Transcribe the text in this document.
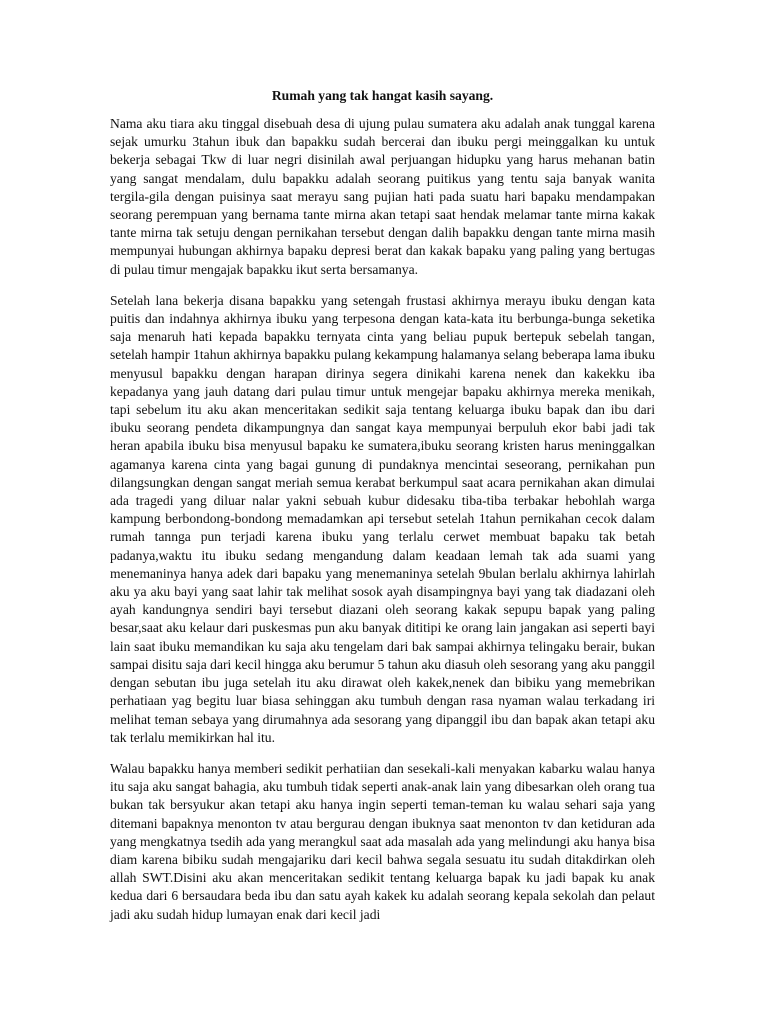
Rumah yang tak hangat kasih sayang.

Nama aku tiara aku tinggal disebuah desa di ujung pulau sumatera aku adalah anak tunggal karena sejak umurku 3tahun ibuk dan bapakku sudah bercerai dan ibuku pergi meinggalkan ku untuk bekerja sebagai Tkw di luar negri disinilah awal perjuangan hidupku yang harus mehanan batin yang sangat mendalam, dulu bapakku adalah seorang puitikus yang tentu saja banyak wanita tergila-gila dengan puisinya saat merayu sang pujian hati pada suatu hari bapaku mendampakan seorang perempuan yang bernama tante mirna akan tetapi saat hendak melamar tante mirna kakak tante mirna tak setuju dengan pernikahan tersebut dengan dalih bapakku dengan tante mirna masih mempunyai hubungan akhirnya bapaku depresi berat dan kakak bapaku yang paling yang bertugas di pulau timur mengajak bapakku ikut serta bersamanya.

Setelah lana bekerja disana bapakku yang setengah frustasi akhirnya merayu ibuku dengan kata puitis dan indahnya akhirnya ibuku yang terpesona dengan kata-kata itu berbunga-bunga seketika saja menaruh hati kepada bapakku ternyata cinta yang beliau pupuk bertepuk sebelah tangan, setelah hampir 1tahun akhirnya bapakku pulang kekampung halamanya selang beberapa lama ibuku menyusul bapakku dengan harapan dirinya segera dinikahi karena nenek dan kakekku iba kepadanya yang jauh datang dari pulau timur untuk mengejar bapaku akhirnya mereka menikah, tapi sebelum itu aku akan menceritakan sedikit saja tentang keluarga ibuku bapak dan ibu dari ibuku seorang pendeta dikampungnya dan sangat kaya mempunyai berpuluh ekor babi jadi tak heran apabila ibuku bisa menyusul bapaku ke sumatera,ibuku seorang kristen harus meninggalkan agamanya karena cinta yang bagai gunung di pundaknya mencintai seseorang, pernikahan pun dilangsungkan dengan sangat meriah semua kerabat berkumpul saat acara pernikahan akan dimulai ada tragedi yang diluar nalar yakni sebuah kubur didesaku tiba-tiba terbakar hebohlah warga kampung berbondong-bondong memadamkan api tersebut setelah 1tahun pernikahan cecok dalam rumah tannga pun terjadi karena ibuku yang terlalu cerwet membuat bapaku tak betah padanya,waktu itu ibuku sedang mengandung dalam keadaan lemah tak ada suami yang menemaninya hanya adek dari bapaku yang menemaninya setelah 9bulan berlalu akhirnya lahirlah aku ya aku bayi yang saat lahir tak melihat sosok ayah disampingnya bayi yang tak diadazani oleh ayah kandungnya sendiri bayi tersebut diazani oleh seorang kakak sepupu bapak yang paling besar,saat aku kelaur dari puskesmas pun aku banyak dititipi ke orang lain jangakan asi seperti bayi lain saat ibuku memandikan ku saja aku tengelam dari bak sampai akhirnya telingaku berair, bukan sampai disitu saja dari kecil hingga aku berumur 5 tahun aku diasuh oleh sesorang yang aku panggil dengan sebutan ibu juga setelah itu aku dirawat oleh kakek,nenek dan bibiku yang memebrikan perhatiaan yag begitu luar biasa sehinggan aku tumbuh dengan rasa nyaman walau terkadang iri melihat teman sebaya yang dirumahnya ada sesorang yang dipanggil ibu dan bapak akan tetapi aku tak terlalu memikirkan hal itu.

Walau bapakku hanya memberi sedikit perhatiian dan sesekali-kali menyakan kabarku walau hanya itu saja aku sangat bahagia, aku tumbuh tidak seperti anak-anak lain yang dibesarkan oleh orang tua bukan tak bersyukur akan tetapi aku hanya ingin seperti teman-teman ku walau sehari saja yang ditemani bapaknya menonton tv atau bergurau dengan ibuknya saat menonton tv dan ketiduran ada yang mengkatnya tsedih ada yang merangkul saat ada masalah ada yang melindungi aku hanya bisa diam karena bibiku sudah mengajariku dari kecil bahwa segala sesuatu itu sudah ditakdirkan oleh allah SWT.Disini aku akan menceritakan sedikit tentang keluarga bapak ku jadi bapak ku anak kedua dari 6 bersaudara beda ibu dan satu ayah kakek ku adalah seorang kepala sekolah dan pelaut jadi aku sudah hidup lumayan enak dari kecil jadi
